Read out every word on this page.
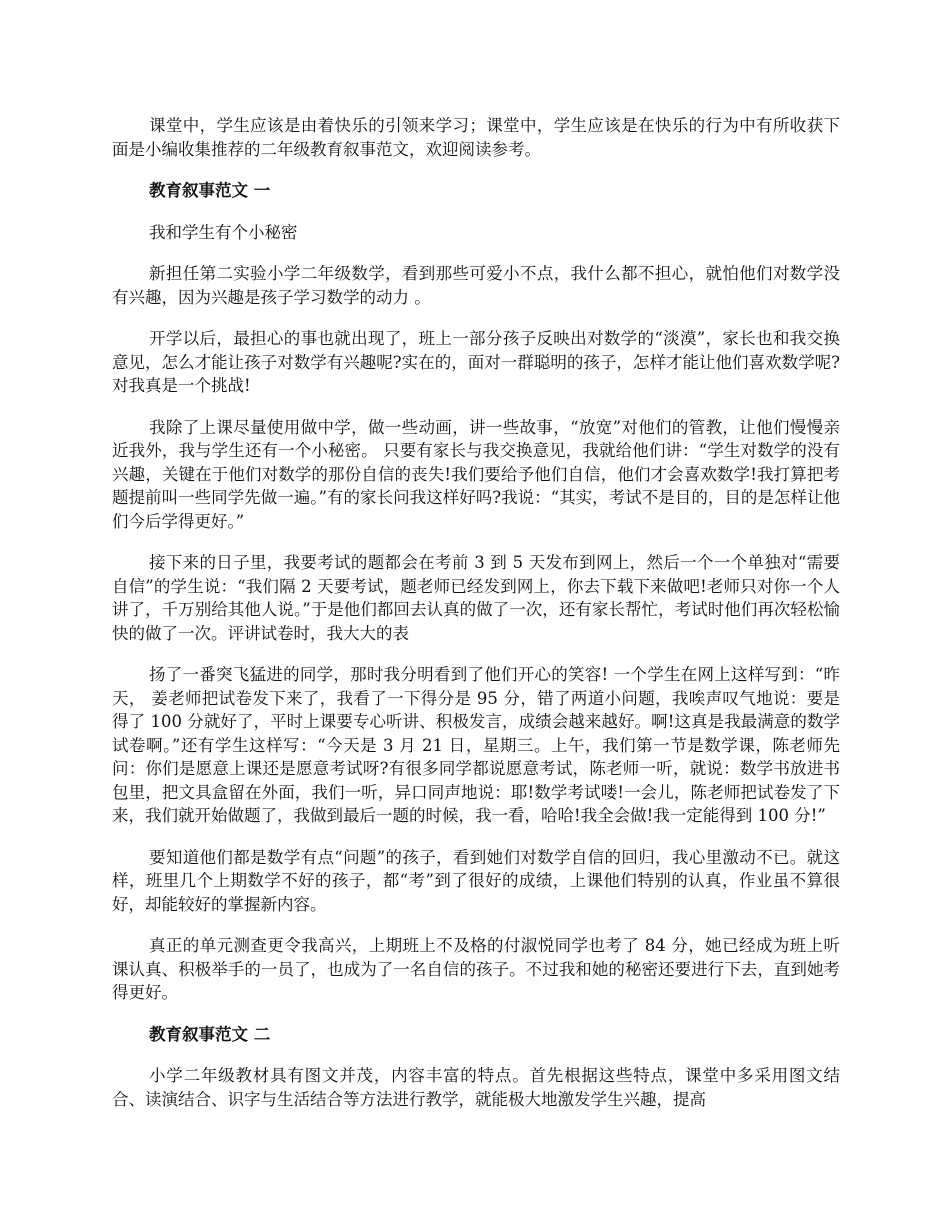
课堂中，学生应该是由着快乐的引领来学习；课堂中，学生应该是在快乐的行为中有所收获下面是小编收集推荐的二年级教育叙事范文，欢迎阅读参考。

教育叙事范文 一

我和学生有个小秘密

新担任第二实验小学二年级数学，看到那些可爱小不点，我什么都不担心，就怕他们对数学没有兴趣，因为兴趣是孩子学习数学的动力 。

开学以后，最担心的事也就出现了，班上一部分孩子反映出对数学的“淡漠”，家长也和我交换意见，怎么才能让孩子对数学有兴趣呢?实在的，面对一群聪明的孩子，怎样才能让他们喜欢数学呢?对我真是一个挑战!

我除了上课尽量使用做中学，做一些动画，讲一些故事，“放宽”对他们的管教，让他们慢慢亲近我外，我与学生还有一个小秘密。 只要有家长与我交换意见，我就给他们讲：“学生对数学的没有兴趣，关键在于他们对数学的那份自信的丧失!我们要给予他们自信，他们才会喜欢数学!我打算把考题提前叫一些同学先做一遍。”有的家长问我这样好吗?我说：“其实，考试不是目的，目的是怎样让他们今后学得更好。”

接下来的日子里，我要考试的题都会在考前 3 到 5 天发布到网上，然后一个一个单独对“需要自信”的学生说：“我们隔 2 天要考试，题老师已经发到网上，你去下载下来做吧!老师只对你一个人讲了，千万别给其他人说。”于是他们都回去认真的做了一次，还有家长帮忙，考试时他们再次轻松愉快的做了一次。评讲试卷时，我大大的表

扬了一番突飞猛进的同学，那时我分明看到了他们开心的笑容! 一个学生在网上这样写到：“昨天， 姜老师把试卷发下来了，我看了一下得分是 95 分，错了两道小问题，我唉声叹气地说：要是得了 100 分就好了，平时上课要专心听讲、积极发言，成绩会越来越好。啊!这真是我最满意的数学试卷啊。”还有学生这样写：“今天是 3 月 21 日，星期三。上午，我们第一节是数学课，陈老师先问：你们是愿意上课还是愿意考试呀?有很多同学都说愿意考试，陈老师一听，就说：数学书放进书包里，把文具盒留在外面，我们一听，异口同声地说：耶!数学考试喽!一会儿，陈老师把试卷发了下来，我们就开始做题了，我做到最后一题的时候，我一看，哈哈!我全会做!我一定能得到 100 分!”

要知道他们都是数学有点“问题”的孩子，看到她们对数学自信的回归，我心里激动不已。就这样，班里几个上期数学不好的孩子，都“考”到了很好的成绩，上课他们特别的认真，作业虽不算很好，却能较好的掌握新内容。

真正的单元测查更令我高兴，上期班上不及格的付淑悦同学也考了 84 分，她已经成为班上听课认真、积极举手的一员了，也成为了一名自信的孩子。不过我和她的秘密还要进行下去，直到她考得更好。

教育叙事范文 二

小学二年级教材具有图文并茂，内容丰富的特点。首先根据这些特点，课堂中多采用图文结合、读演结合、识字与生活结合等方法进行教学，就能极大地激发学生兴趣，提高
